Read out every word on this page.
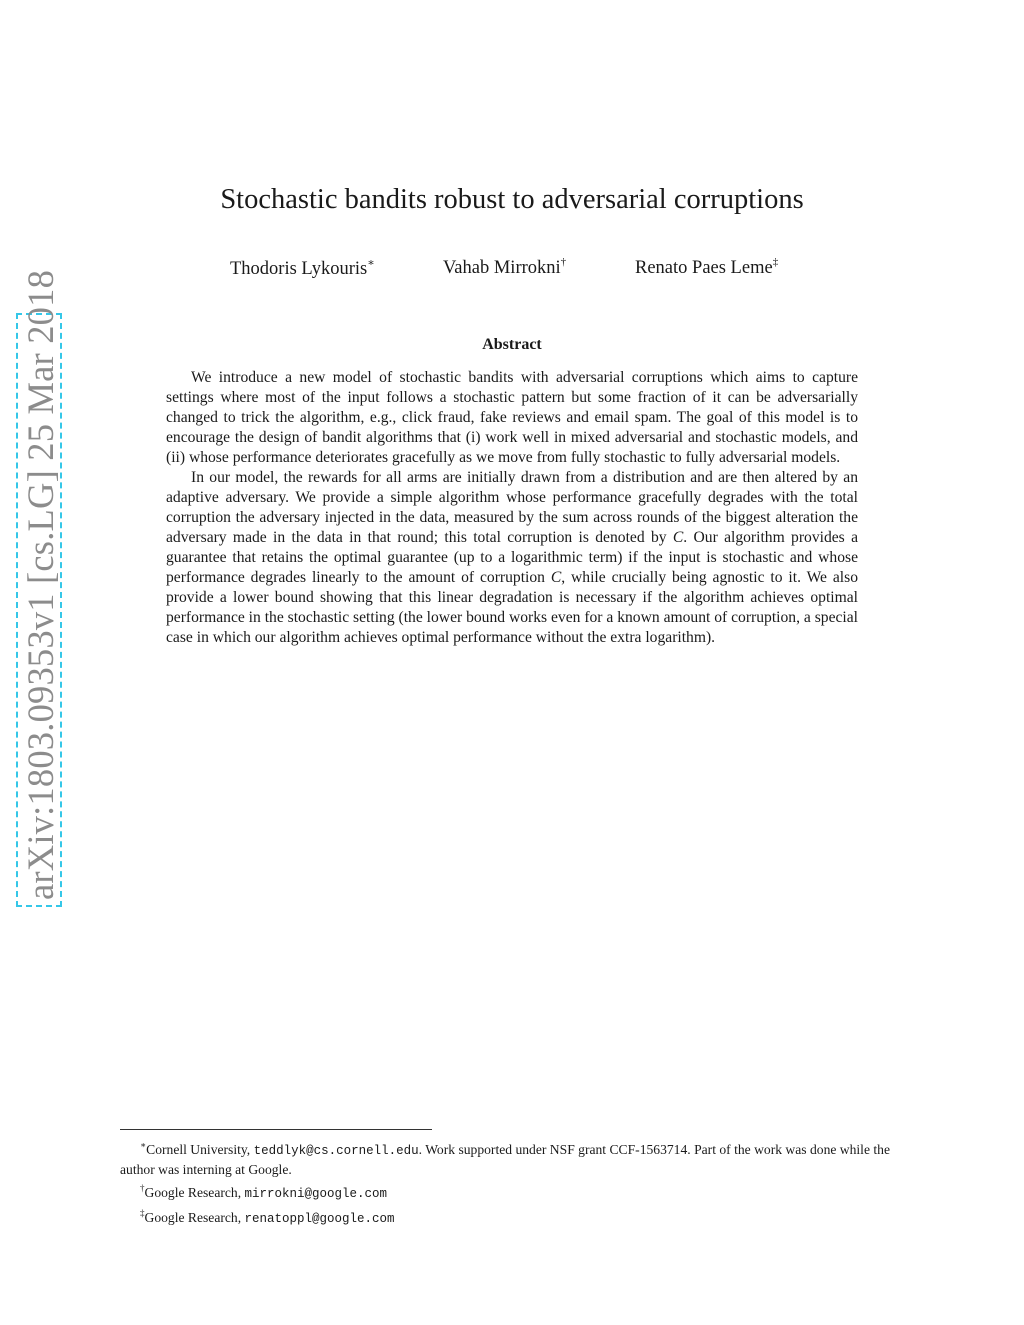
arXiv:1803.09353v1 [cs.LG] 25 Mar 2018
Stochastic bandits robust to adversarial corruptions
Thodoris Lykouris∗	Vahab Mirrokni†	Renato Paes Leme‡
Abstract

We introduce a new model of stochastic bandits with adversarial corruptions which aims to capture settings where most of the input follows a stochastic pattern but some fraction of it can be adversarially changed to trick the algorithm, e.g., click fraud, fake reviews and email spam. The goal of this model is to encourage the design of bandit algorithms that (i) work well in mixed adversarial and stochastic models, and (ii) whose performance deteriorates gracefully as we move from fully stochastic to fully adversarial models.

In our model, the rewards for all arms are initially drawn from a distribution and are then altered by an adaptive adversary. We provide a simple algorithm whose performance gracefully degrades with the total corruption the adversary injected in the data, measured by the sum across rounds of the biggest alteration the adversary made in the data in that round; this total corruption is denoted by C. Our algorithm provides a guarantee that retains the optimal guarantee (up to a logarithmic term) if the input is stochastic and whose performance degrades linearly to the amount of corruption C, while crucially being agnostic to it. We also provide a lower bound showing that this linear degradation is necessary if the algorithm achieves optimal performance in the stochastic setting (the lower bound works even for a known amount of corruption, a special case in which our algorithm achieves optimal performance without the extra logarithm).

∗Cornell University, teddlyk@cs.cornell.edu. Work supported under NSF grant CCF-1563714. Part of the work was done while the author was interning at Google.

†Google Research, mirrokni@google.com

‡Google Research, renatoppl@google.com
